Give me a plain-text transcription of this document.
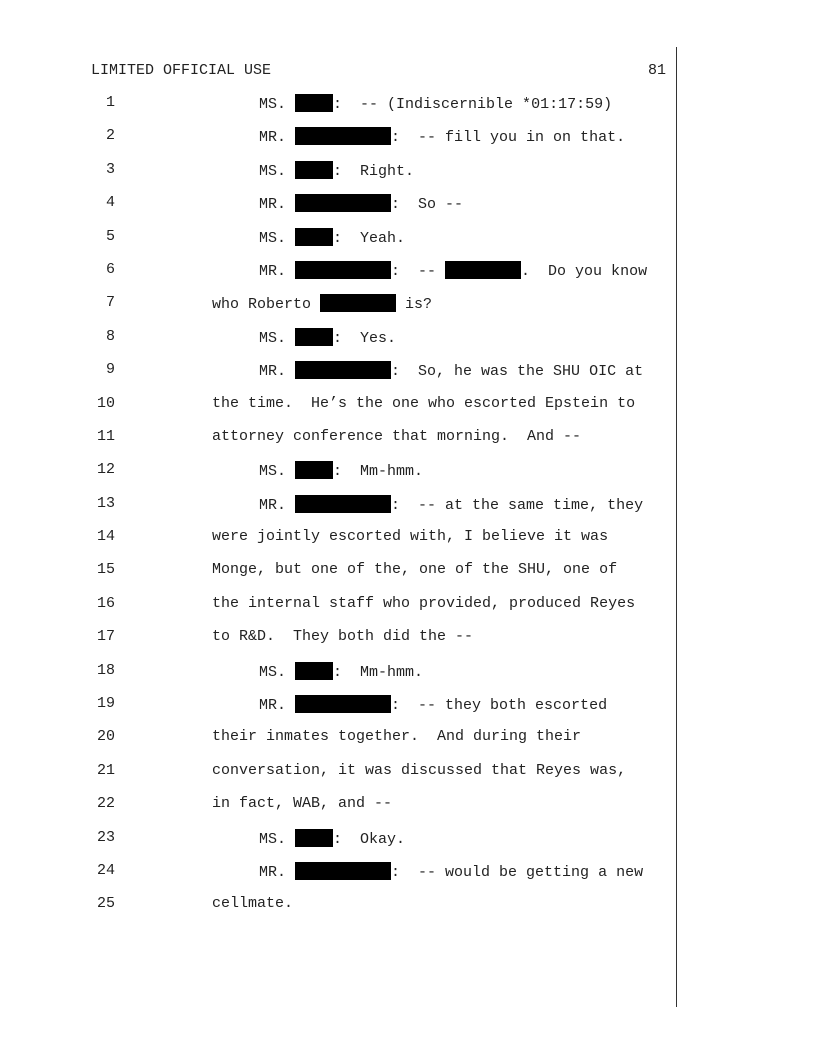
LIMITED OFFICIAL USE	81
1	MS.	:  -- (Indiscernible *01:17:59)
2	MR.	:  -- fill you in on that.
3	MS.	:  Right.
4	MR.	:  So --
5	MS.	:  Yeah.
6	MR.	:  --	.  Do you know
7	who Roberto	is?
8	MS.	:  Yes.
9	MR.	:  So, he was the SHU OIC at
10	the time.  He’s the one who escorted Epstein to
11	attorney conference that morning.  And --
12	MS.	:  Mm-hmm.
13	MR.	:  -- at the same time, they
14	were jointly escorted with, I believe it was
15	Monge, but one of the, one of the SHU, one of
16	the internal staff who provided, produced Reyes
17	to R&D.  They both did the --
18	MS.	:  Mm-hmm.
19	MR.	:  -- they both escorted
20	their inmates together.  And during their
21	conversation, it was discussed that Reyes was,
22	in fact, WAB, and --
23	MS.	:  Okay.
24	MR.	:  -- would be getting a new
25	cellmate.
